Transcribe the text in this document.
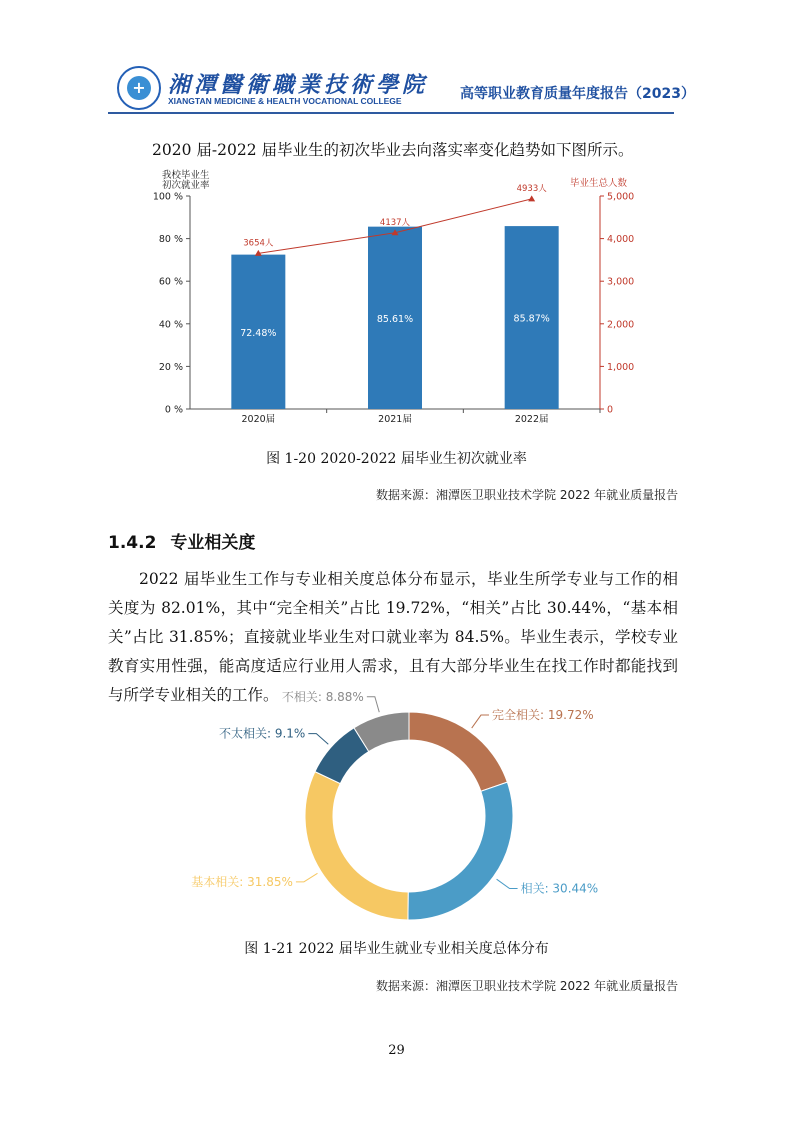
+ 湘潭醫衛職業技術學院
XIANGTAN MEDICINE & HEALTH VOCATIONAL COLLEGE	高等职业教育质量年度报告（2023）
2020 届-2022 届毕业生的初次毕业去向落实率变化趋势如下图所示。
我校毕业生
初次就业率	毕业生总人数
0 %
20 %
40 %
60 %
80 %
100 %
0
1,000
2,000
3,000
4,000
5,000
2020届	2021届	2022届
72.48%
3654人
85.61%
4137人
85.87%
4933人
图 1-20 2020-2022 届毕业生初次就业率
数据来源：湘潭医卫职业技术学院 2022 年就业质量报告
1.4.2 专业相关度
2022 届毕业生工作与专业相关度总体分布显示，毕业生所学专业与工作的相关度为 82.01%，其中“完全相关”占比 19.72%，“相关”占比 30.44%，“基本相关”占比 31.85%；直接就业毕业生对口就业率为 84.5%。毕业生表示，学校专业教育实用性强，能高度适应行业用人需求，且有大部分毕业生在找工作时都能找到与所学专业相关的工作。
完全相关: 19.72%
相关: 30.44%
基本相关: 31.85%
不太相关: 9.1%
不相关: 8.88%
图 1-21 2022 届毕业生就业专业相关度总体分布
数据来源：湘潭医卫职业技术学院 2022 年就业质量报告
29
